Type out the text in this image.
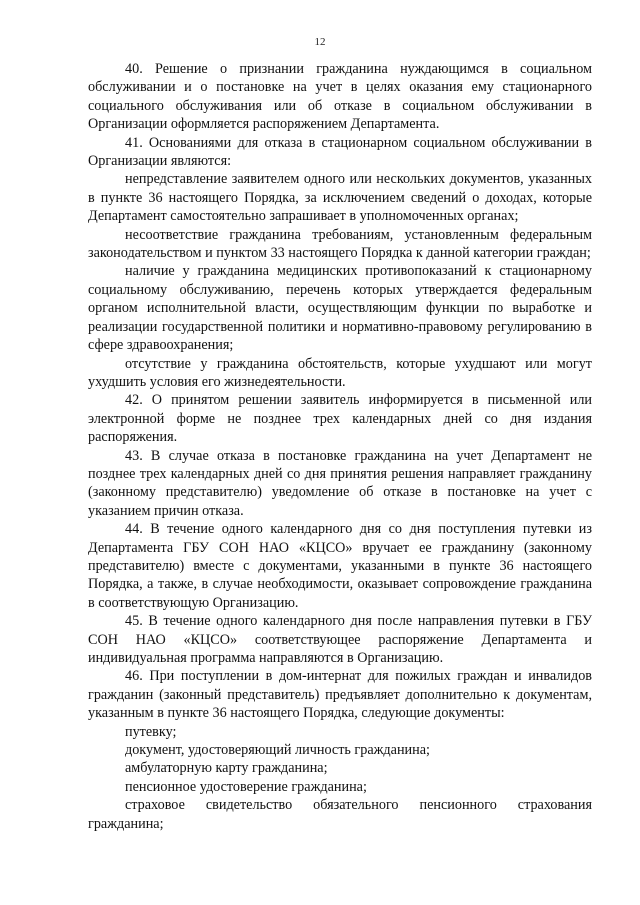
12

40. Решение о признании гражданина нуждающимся в социальном обслуживании и о постановке на учет в целях оказания ему стационарного социального обслуживания или об отказе в социальном обслуживании в Организации оформляется распоряжением Департамента.

41. Основаниями для отказа в стационарном социальном обслуживании в Организации являются:

непредставление заявителем одного или нескольких документов, указанных в пункте 36 настоящего Порядка, за исключением сведений о доходах, которые Департамент самостоятельно запрашивает в уполномоченных органах;

несоответствие гражданина требованиям, установленным федеральным законодательством и пунктом 33 настоящего Порядка к данной категории граждан;

наличие у гражданина медицинских противопоказаний к стационарному социальному обслуживанию, перечень которых утверждается федеральным органом исполнительной власти, осуществляющим функции по выработке и реализации государственной политики и нормативно-правовому регулированию в сфере здравоохранения;

отсутствие у гражданина обстоятельств, которые ухудшают или могут ухудшить условия его жизнедеятельности.

42. О принятом решении заявитель информируется в письменной или электронной форме не позднее трех календарных дней со дня издания распоряжения.

43. В случае отказа в постановке гражданина на учет Департамент не позднее трех календарных дней со дня принятия решения направляет гражданину (законному представителю) уведомление об отказе в постановке на учет с указанием причин отказа.

44. В течение одного календарного дня со дня поступления путевки из Департамента ГБУ СОН НАО «КЦСО» вручает ее гражданину (законному представителю) вместе с документами, указанными в пункте 36 настоящего Порядка, а также, в случае необходимости, оказывает сопровождение гражданина в соответствующую Организацию.

45. В течение одного календарного дня после направления путевки в ГБУ СОН НАО «КЦСО» соответствующее распоряжение Департамента и индивидуальная программа направляются в Организацию.

46. При поступлении в дом-интернат для пожилых граждан и инвалидов гражданин (законный представитель) предъявляет дополнительно к документам, указанным в пункте 36 настоящего Порядка, следующие документы:

путевку;

документ, удостоверяющий личность гражданина;

амбулаторную карту гражданина;

пенсионное удостоверение гражданина;

страховое свидетельство обязательного пенсионного страхования гражданина;
